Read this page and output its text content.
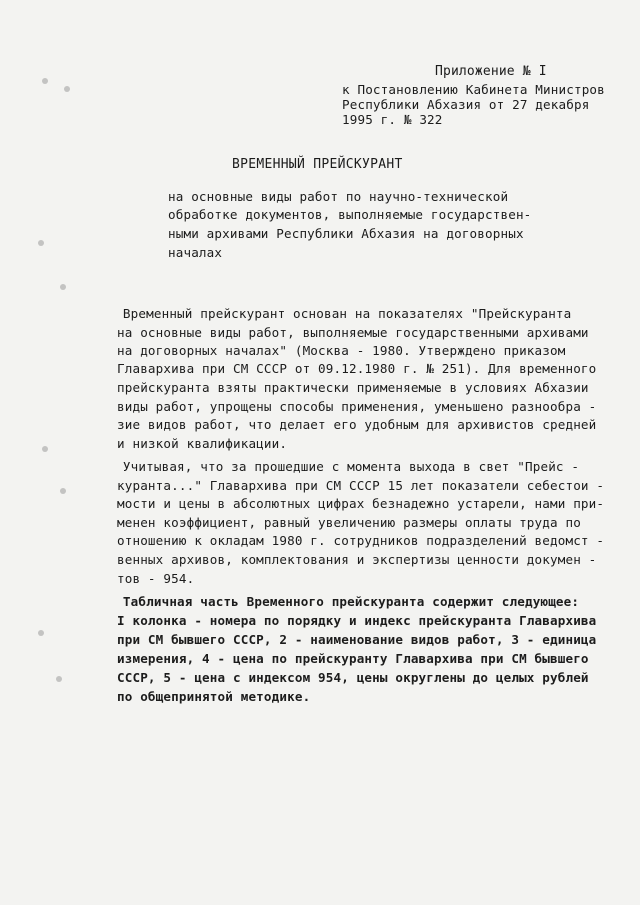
Приложение № I
к Постановлению Кабинета Министров
Республики Абхазия от 27 декабря
1995 г. № 322
ВРЕМЕННЫЙ ПРЕЙСКУРАНТ
на основные виды работ по научно-технической
обработке документов, выполняемые государствен-
ными архивами Республики Абхазия на договорных
началах
Временный прейскурант основан на показателях "Прейскуранта
на основные виды работ, выполняемые государственными архивами
на договорных началах" (Москва - 1980. Утверждено приказом
Главархива при СМ СССР от 09.12.1980 г. № 251). Для временного
прейскуранта взяты практически применяемые в условиях Абхазии
виды работ, упрощены способы применения, уменьшено разнообра -
зие видов работ, что делает его удобным для архивистов средней
и низкой квалификации.
Учитывая, что за прошедшие с момента выхода в свет "Прейс -
куранта..." Главархива при СМ СССР 15 лет показатели себестои -
мости и цены в абсолютных цифрах безнадежно устарели, нами при-
менен коэффициент, равный увеличению размеры оплаты труда по
отношению к окладам 1980 г. сотрудников подразделений ведомст -
венных архивов, комплектования и экспертизы ценности докумен -
тов - 954.
Табличная часть Временного прейскуранта содержит следующее:
I колонка - номера по порядку и индекс прейскуранта Главархива
при СМ бывшего СССР, 2 - наименование видов работ, 3 - единица
измерения, 4 - цена по прейскуранту Главархива при СМ бывшего
СССР, 5 - цена с индексом 954, цены округлены до целых рублей
по общепринятой методике.
